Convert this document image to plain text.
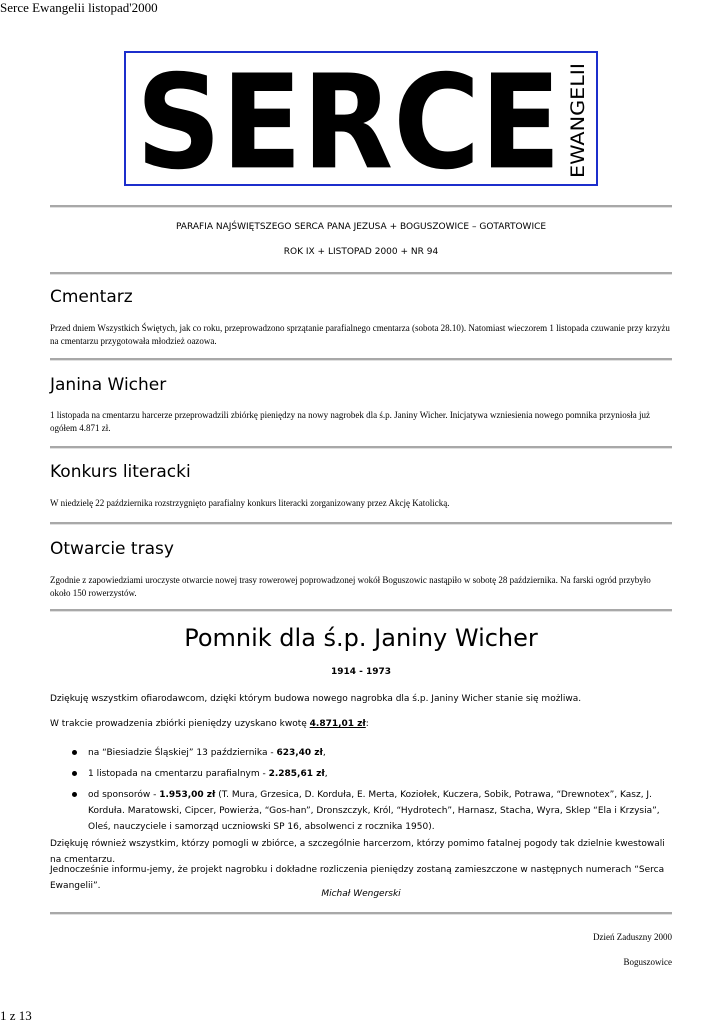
Serce Ewangelii listopad'2000
SERCE EWANGELII
PARAFIA NAJŚWIĘTSZEGO SERCA PANA JEZUSA + BOGUSZOWICE – GOTARTOWICE
ROK IX + LISTOPAD 2000 + NR 94
Cmentarz

Przed dniem Wszystkich Świętych, jak co roku, przeprowadzono sprzątanie parafialnego cmentarza (sobota 28.10). Natomiast wieczorem 1 listopada czuwanie przy krzyżu na cmentarzu przygotowała młodzież oazowa.

Janina Wicher

1 listopada na cmentarzu harcerze przeprowadzili zbiórkę pieniędzy na nowy nagrobek dla ś.p. Janiny Wicher. Inicjatywa wzniesienia nowego pomnika przyniosła już ogółem 4.871 zł.

Konkurs literacki

W niedzielę 22 października rozstrzygnięto parafialny konkurs literacki zorganizowany przez Akcję Katolicką.

Otwarcie trasy

Zgodnie z zapowiedziami uroczyste otwarcie nowej trasy rowerowej poprowadzonej wokół Boguszowic nastąpiło w sobotę 28 października. Na farski ogród przybyło około 150 rowerzystów.

Pomnik dla ś.p. Janiny Wicher
1914 - 1973

Dziękuję wszystkim ofiarodawcom, dzięki którym budowa nowego nagrobka dla ś.p. Janiny Wicher stanie się możliwa.

W trakcie prowadzenia zbiórki pieniędzy uzyskano kwotę 4.871,01 zł:

na “Biesiadzie Śląskiej” 13 października - 623,40 zł,
1 listopada na cmentarzu parafialnym - 2.285,61 zł,
od sponsorów - 1.953,00 zł (T. Mura, Grzesica, D. Korduła, E. Merta, Koziołek, Kuczera, Sobik, Potrawa, “Drewnotex”, Kasz, J. Korduła. Maratowski, Cipcer, Powierża, “Gos-han”, Dronszczyk, Król, “Hydrotech”, Harnasz, Stacha, Wyra, Sklep “Ela i Krzysia”, Oleś, nauczyciele i samorząd uczniowski SP 16, absolwenci z rocznika 1950).

Dziękuję również wszystkim, którzy pomogli w zbiórce, a szczególnie harcerzom, którzy pomimo fatalnej pogody tak dzielnie kwestowali na cmentarzu.

Jednocześnie informu-jemy, że projekt nagrobku i dokładne rozliczenia pieniędzy zostaną zamieszczone w następnych numerach “Serca Ewangelii”.

Michał Wengerski
Dzień Zaduszny 2000
Boguszowice
1 z 13
